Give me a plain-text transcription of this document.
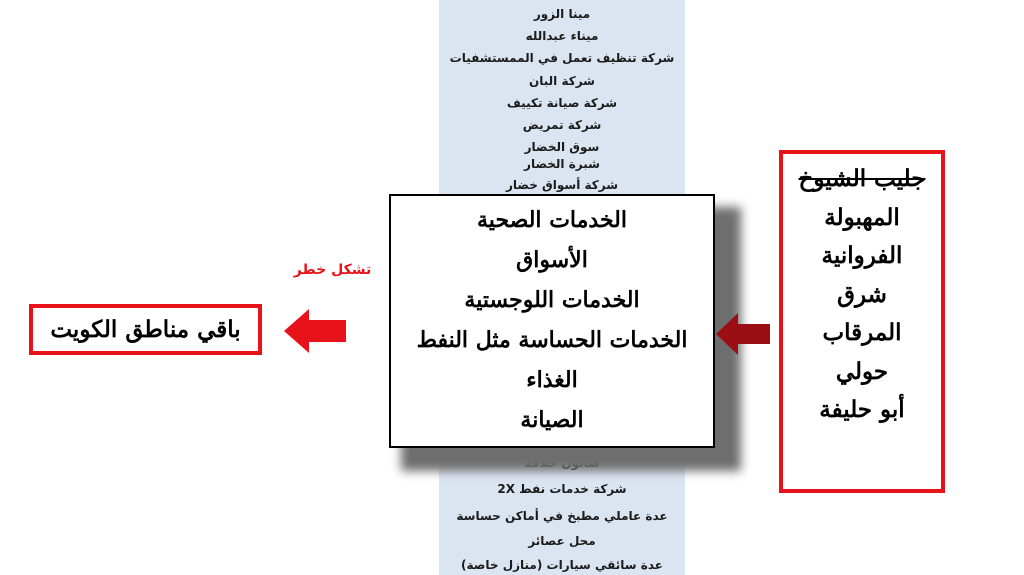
مينا الزور
ميناء عبدالله
شركة تنظيف تعمل في الممستشفيات
شركة البان
شركة صيانة تكييف
شركة تمريض
سوق الخضار
شبرة الخضار
شركة أسواق خضار
شركة خدمات نفط 2X
عدة عاملي مطبخ في أماكن حساسة
محل عصائر
عدة سائقي سيارات (منازل خاصة)
الخدمات الصحية
الأسواق
الخدمات اللوجستية
الخدمات الحساسة مثل النفط
الغذاء
الصيانة
جليب الشيوخ
المهبولة
الفروانية
شرق
المرقاب
حولي
أبو حليفة
تشكل خطر
باقي مناطق الكويت
